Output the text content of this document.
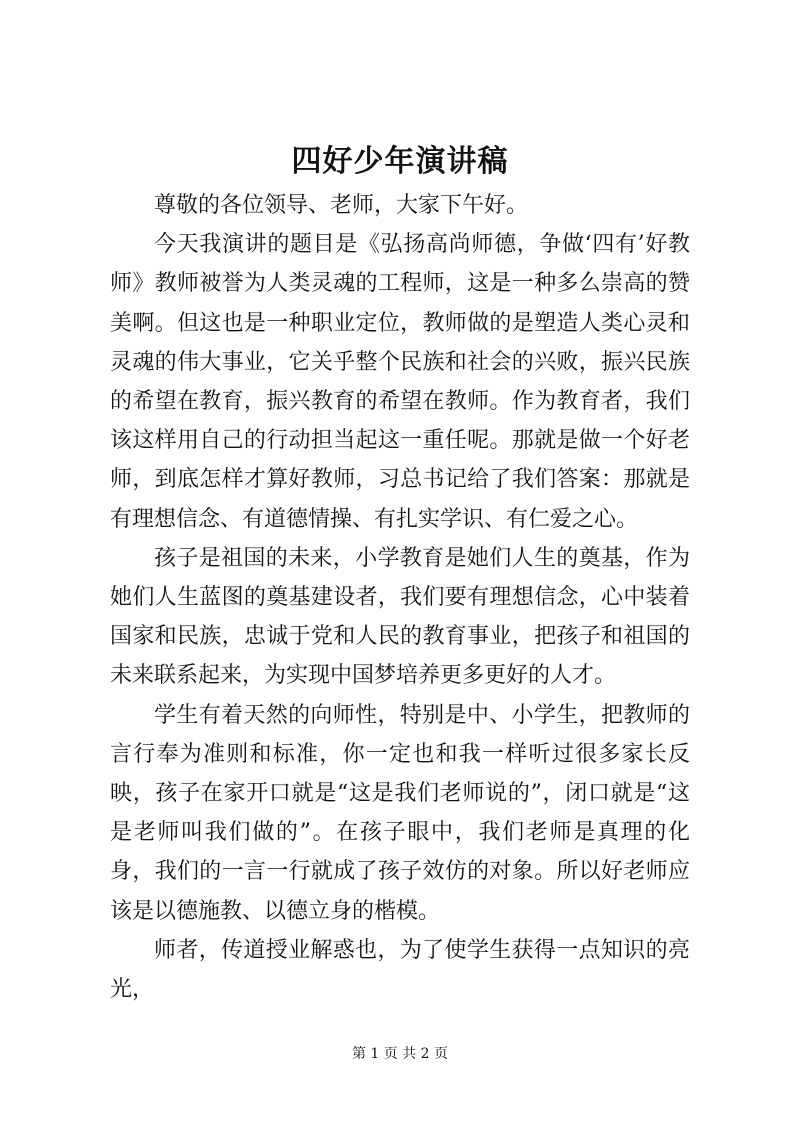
四好少年演讲稿

尊敬的各位领导、老师，大家下午好。

今天我演讲的题目是《弘扬高尚师德，争做‘四有’好教师》教师被誉为人类灵魂的工程师，这是一种多么崇高的赞美啊。但这也是一种职业定位，教师做的是塑造人类心灵和灵魂的伟大事业，它关乎整个民族和社会的兴败，振兴民族的希望在教育，振兴教育的希望在教师。作为教育者，我们该这样用自己的行动担当起这一重任呢。那就是做一个好老师，到底怎样才算好教师，习总书记给了我们答案：那就是有理想信念、有道德情操、有扎实学识、有仁爱之心。

孩子是祖国的未来，小学教育是她们人生的奠基，作为她们人生蓝图的奠基建设者，我们要有理想信念，心中装着国家和民族，忠诚于党和人民的教育事业，把孩子和祖国的未来联系起来，为实现中国梦培养更多更好的人才。

学生有着天然的向师性，特别是中、小学生，把教师的言行奉为准则和标准，你一定也和我一样听过很多家长反映，孩子在家开口就是“这是我们老师说的”，闭口就是“这是老师叫我们做的”。在孩子眼中，我们老师是真理的化身，我们的一言一行就成了孩子效仿的对象。所以好老师应该是以德施教、以德立身的楷模。

师者，传道授业解惑也，为了使学生获得一点知识的亮光，

第 1 页 共 2 页
